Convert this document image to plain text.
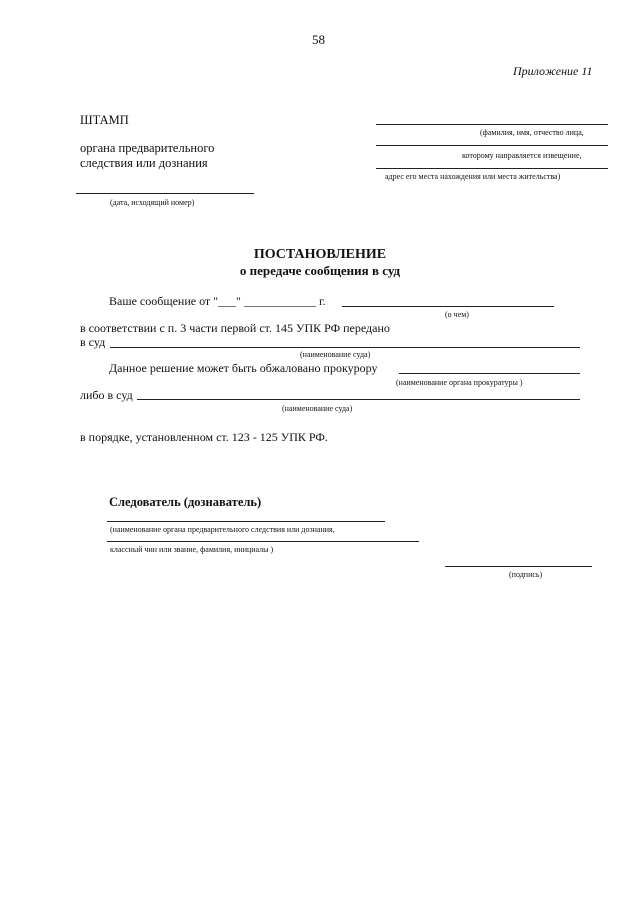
58
Приложение 11
ШТАМП
органа предварительного
следствия или дознания
(дата, исходящий номер)
(фамилия, имя, отчество лица,
которому направляется извещение,
адрес его места нахождения или места жительства)
ПОСТАНОВЛЕНИЕ
о передаче сообщения в суд
Ваше сообщение от "___" ____________ г.
(о чем)
в соответствии с п. 3 части первой ст. 145 УПК РФ передано
в суд
(наименование суда)
Данное решение может быть обжаловано прокурору
(наименование органа прокуратуры )
либо в суд
(наименование суда)
в порядке, установленном ст. 123 - 125 УПК РФ.
Следователь (дознаватель)
(наименование органа предварительного следствия или дознания,
классный чин или звание, фамилия, инициалы )
(подпись)
